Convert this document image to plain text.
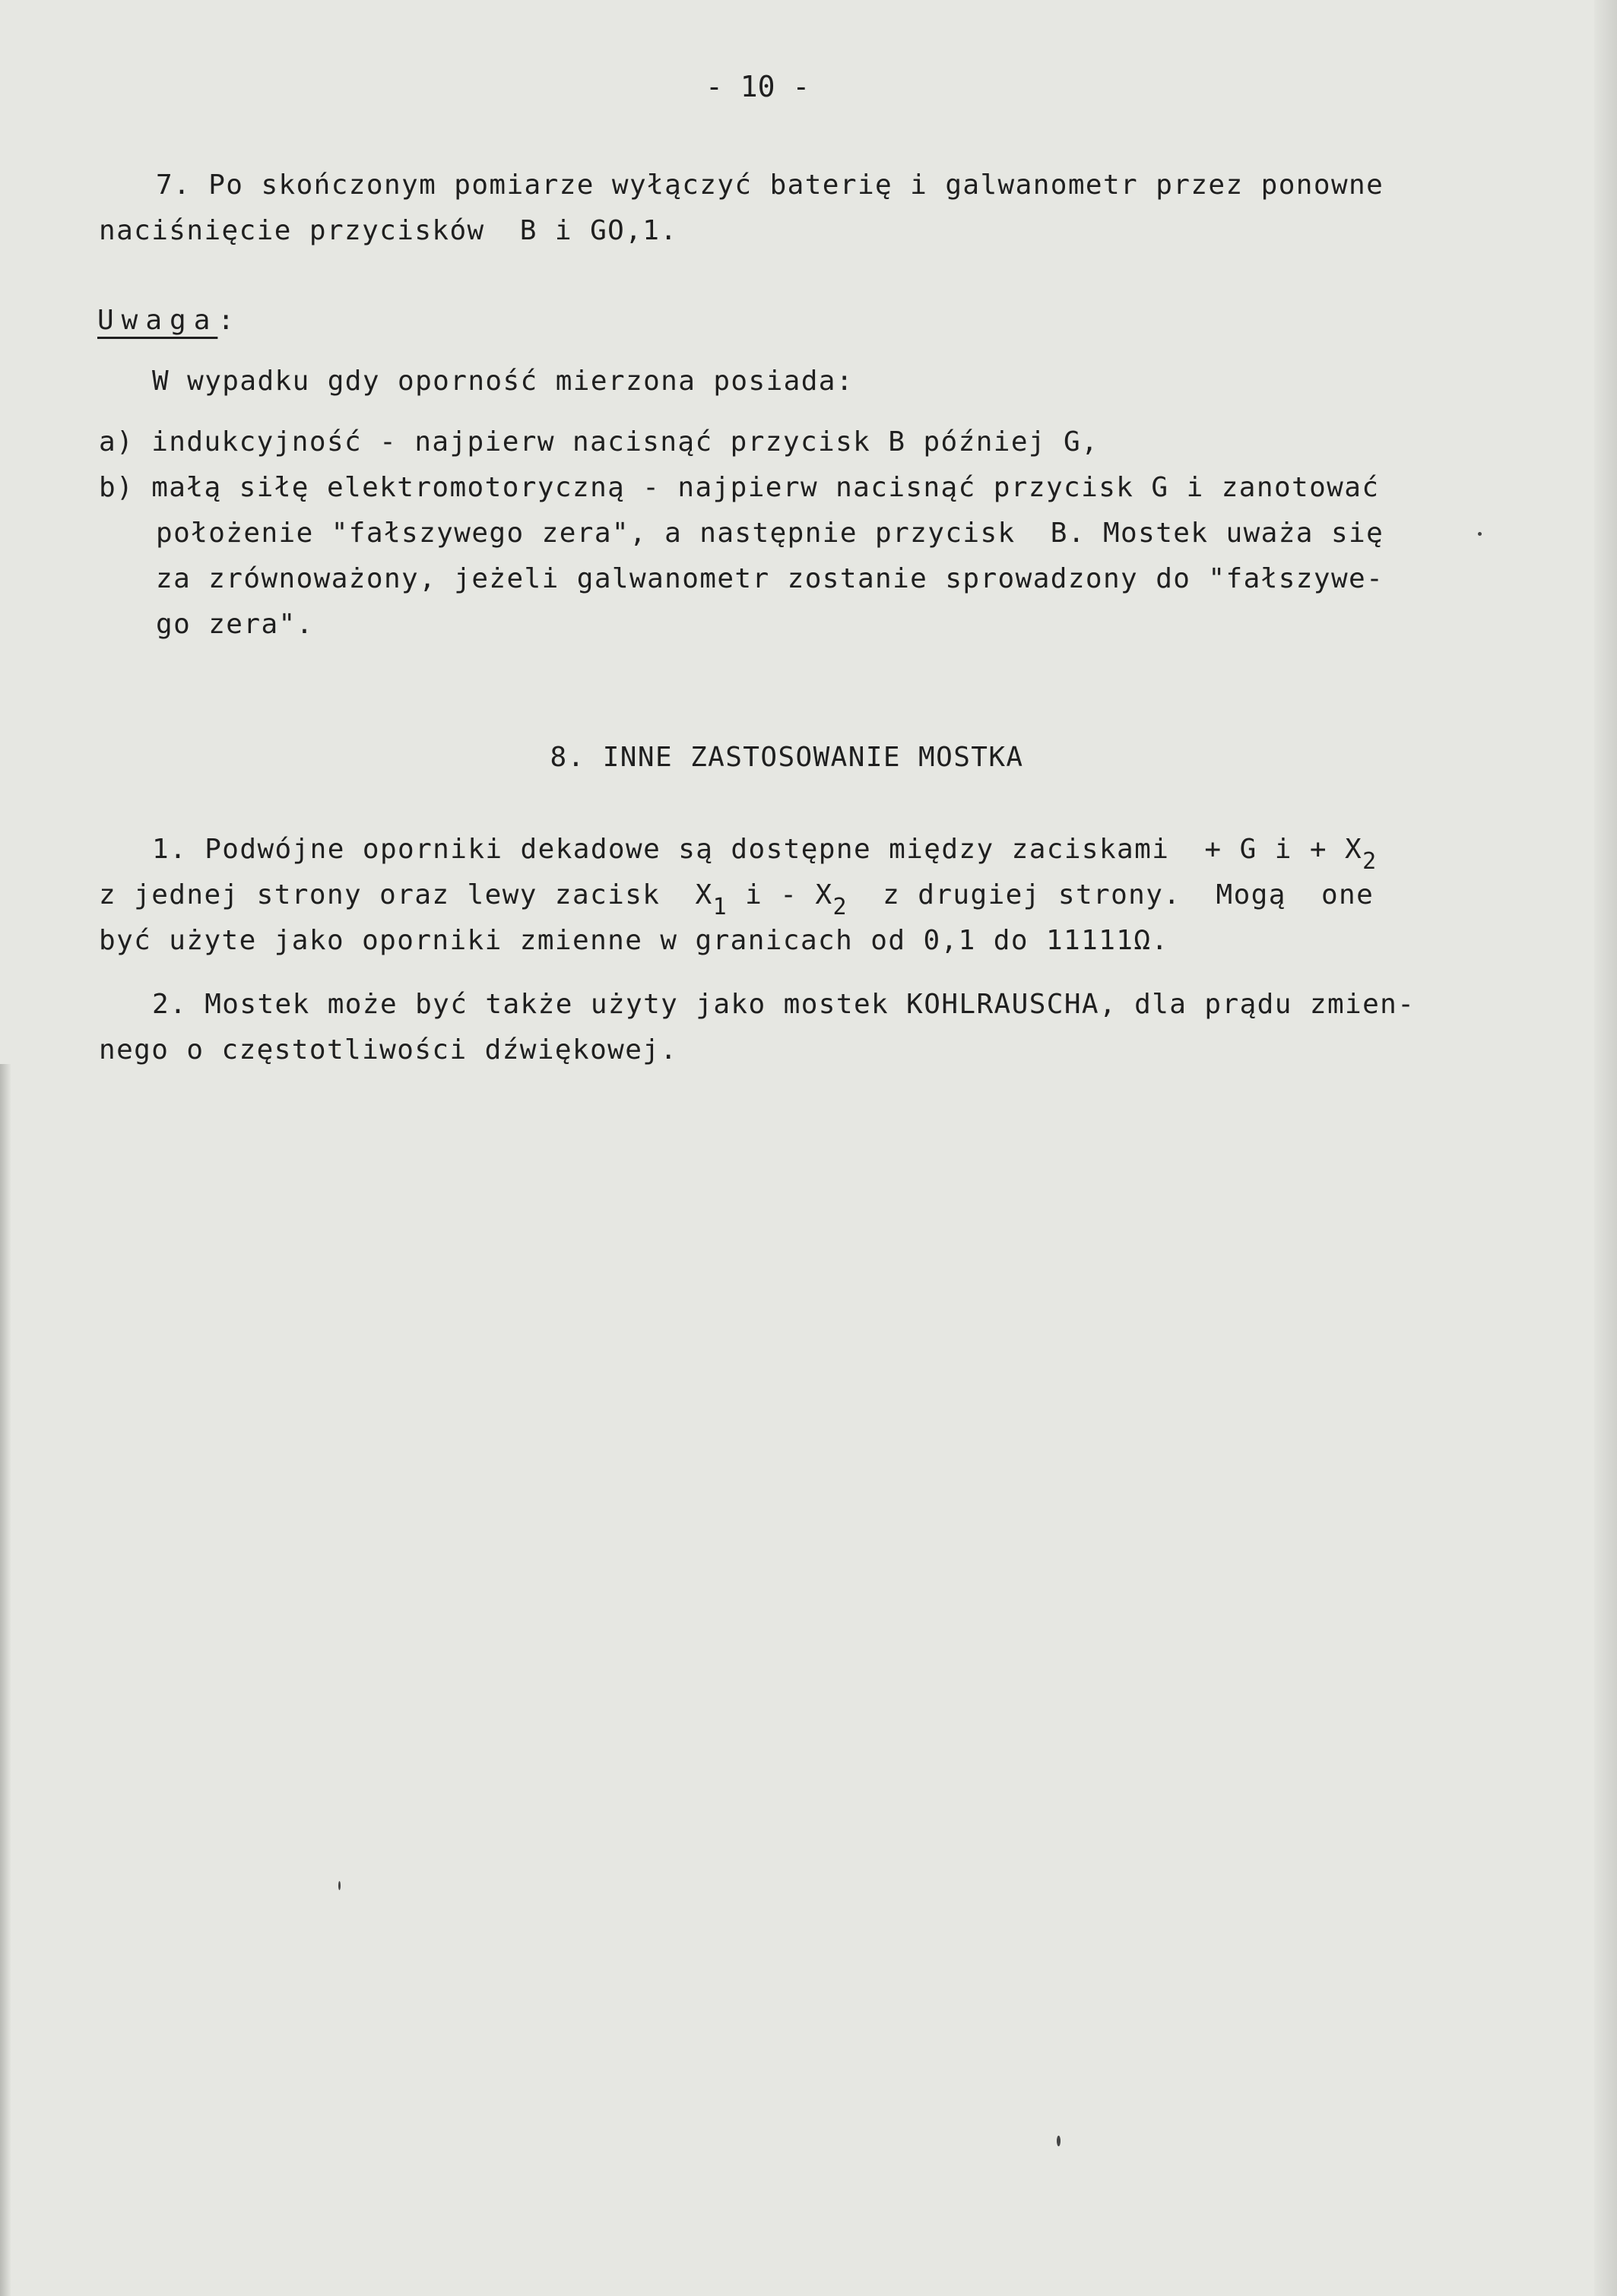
- 10 -
7. Po skończonym pomiarze wyłączyć baterię i galwanometr przez ponowne
naciśnięcie przycisków  B i GO,1.
Uwaga:
W wypadku gdy oporność mierzona posiada:
a) indukcyjność - najpierw nacisnąć przycisk B później G,
b) małą siłę elektromotoryczną - najpierw nacisnąć przycisk G i zanotować
położenie "fałszywego zera", a następnie przycisk  B. Mostek uważa się
za zrównoważony, jeżeli galwanometr zostanie sprowadzony do "fałszywe-
go zera".
8. INNE ZASTOSOWANIE MOSTKA
1. Podwójne oporniki dekadowe są dostępne między zaciskami  + G $i + X_2$
z jednej strony oraz lewy zacisk  $X_1$ i - $X_2$  z drugiej strony.  Mogą  one
być użyte jako oporniki zmienne w granicach od 0,1 do 11111Ω.
2. Mostek może być także użyty jako mostek KOHLRAUSCHA, dla prądu zmien-
nego o częstotliwości dźwiękowej.
